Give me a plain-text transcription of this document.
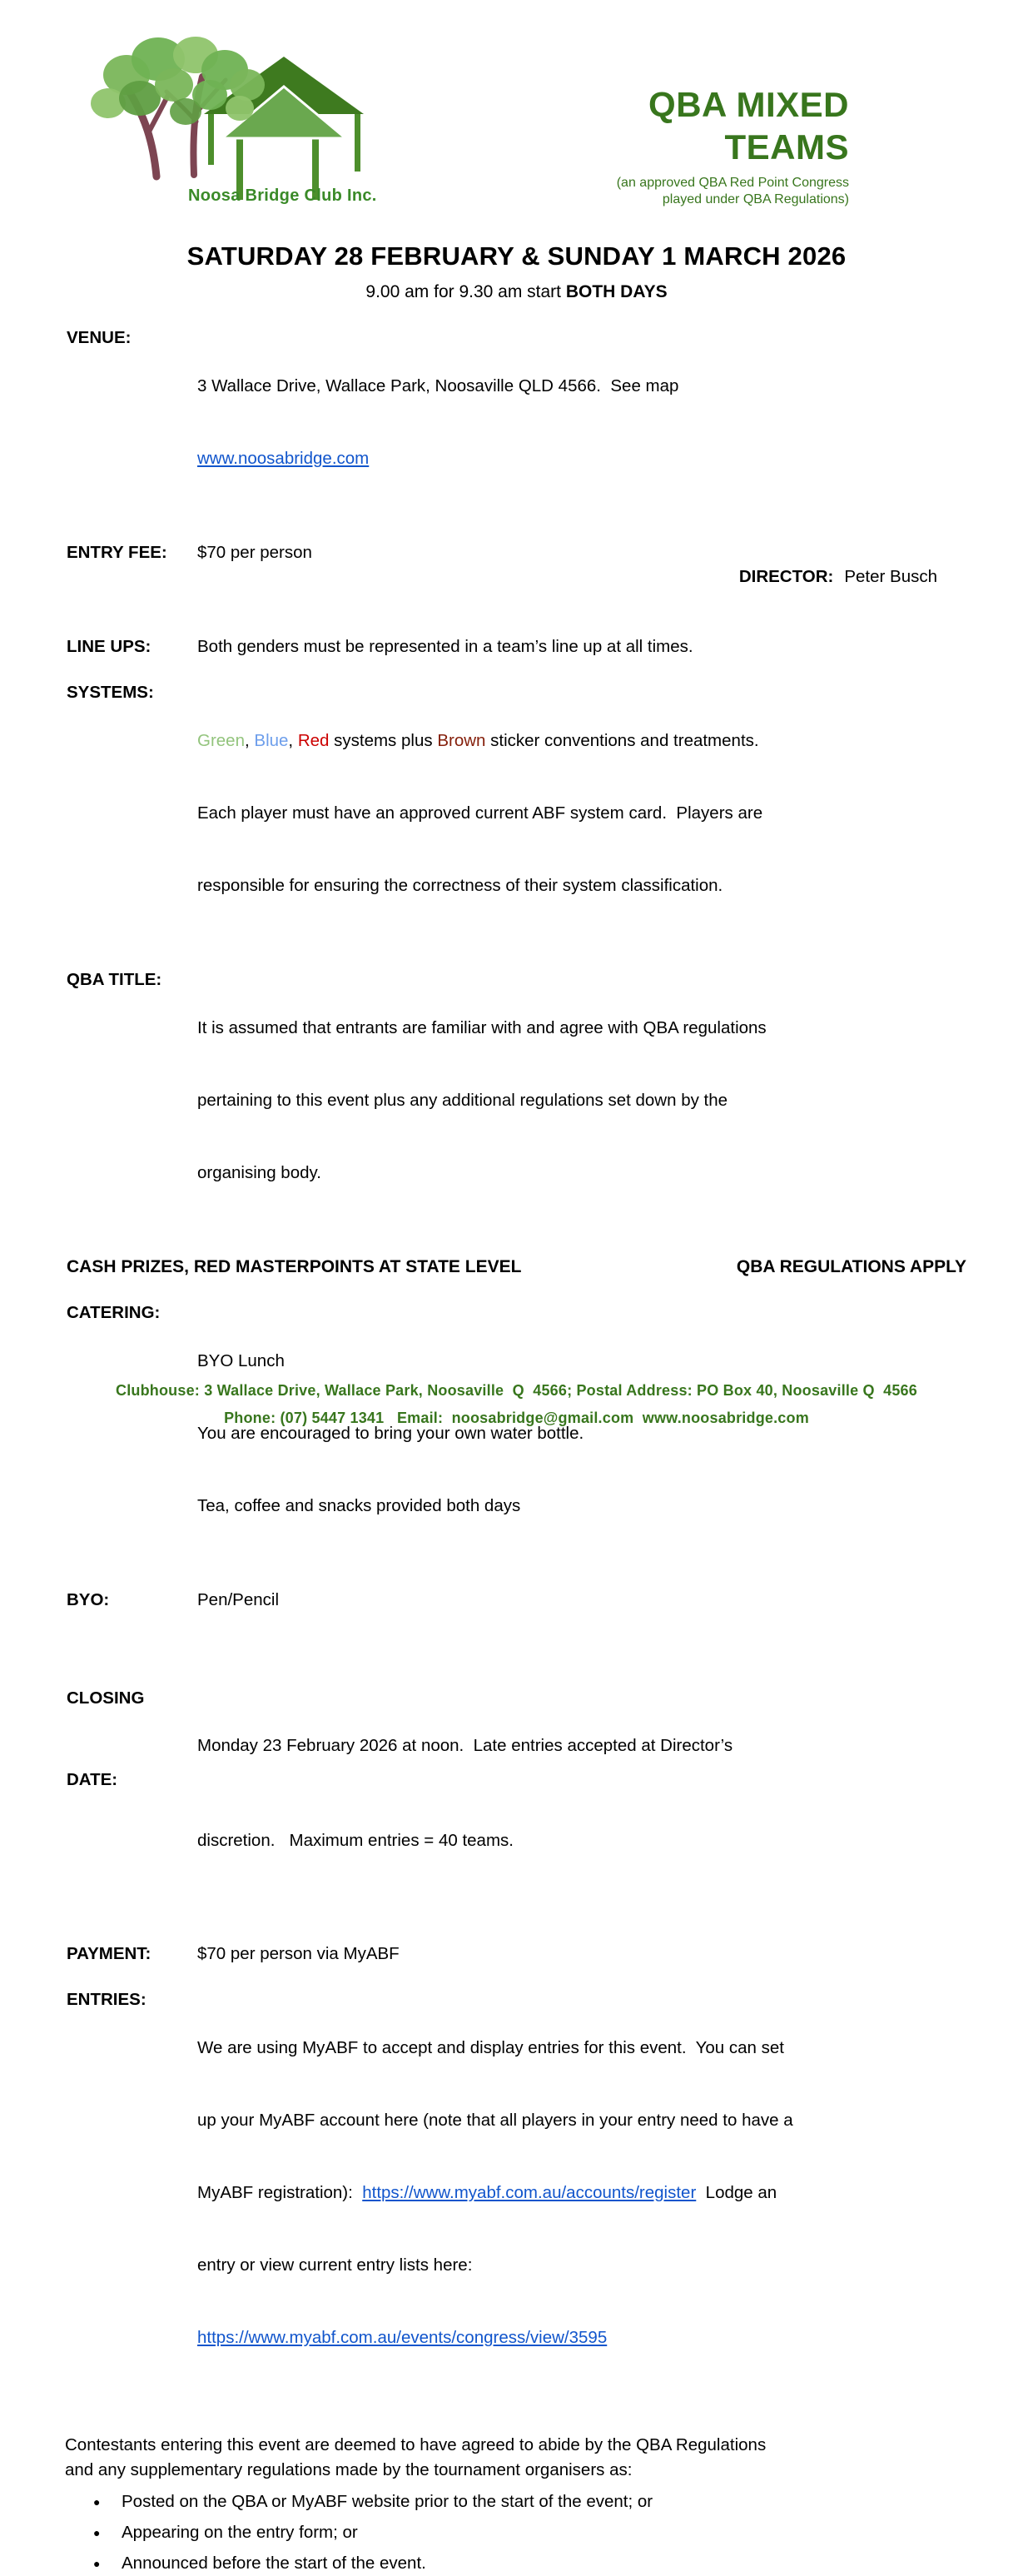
Noosa Bridge Club Inc.
QBA MIXED
TEAMS
(an approved QBA Red Point Congress
played under QBA Regulations)
SATURDAY 28 FEBRUARY & SUNDAY 1 MARCH 2026
9.00 am for 9.30 am start BOTH DAYS
VENUE:

3 Wallace Drive, Wallace Park, Noosaville QLD 4566.  See map

www.noosabridge.com

ENTRY FEE:	$70 per person

DIRECTOR: Peter Busch

LINE UPS:	Both genders must be represented in a team’s line up at all times.
SYSTEMS:

Green, Blue, Red systems plus Brown sticker conventions and treatments.

Each player must have an approved current ABF system card.  Players are

responsible for ensuring the correctness of their system classification.

QBA TITLE:

It is assumed that entrants are familiar with and agree with QBA regulations

pertaining to this event plus any additional regulations set down by the

organising body.

CASH PRIZES, RED MASTERPOINTS AT STATE LEVEL	QBA REGULATIONS APPLY
CATERING:

BYO Lunch

You are encouraged to bring your own water bottle.

Tea, coffee and snacks provided both days

BYO:	Pen/Pencil

CLOSING

DATE:

Monday 23 February 2026 at noon.  Late entries accepted at Director’s

discretion.   Maximum entries = 40 teams.

PAYMENT:	$70 per person via MyABF
ENTRIES:

We are using MyABF to accept and display entries for this event.  You can set

up your MyABF account here (note that all players in your entry need to have a

MyABF registration):  https://www.myabf.com.au/accounts/register  Lodge an

entry or view current entry lists here:

https://www.myabf.com.au/events/congress/view/3595

Contestants entering this event are deemed to have agreed to abide by the QBA Regulations
and any supplementary regulations made by the tournament organisers as:
●	Posted on the QBA or MyABF website prior to the start of the event; or
●	Appearing on the entry form; or
●	Announced before the start of the event.
Clubhouse: 3 Wallace Drive, Wallace Park, Noosaville  Q  4566; Postal Address: PO Box 40, Noosaville Q  4566
Phone: (07) 5447 1341   Email:  noosabridge@gmail.com  www.noosabridge.com
